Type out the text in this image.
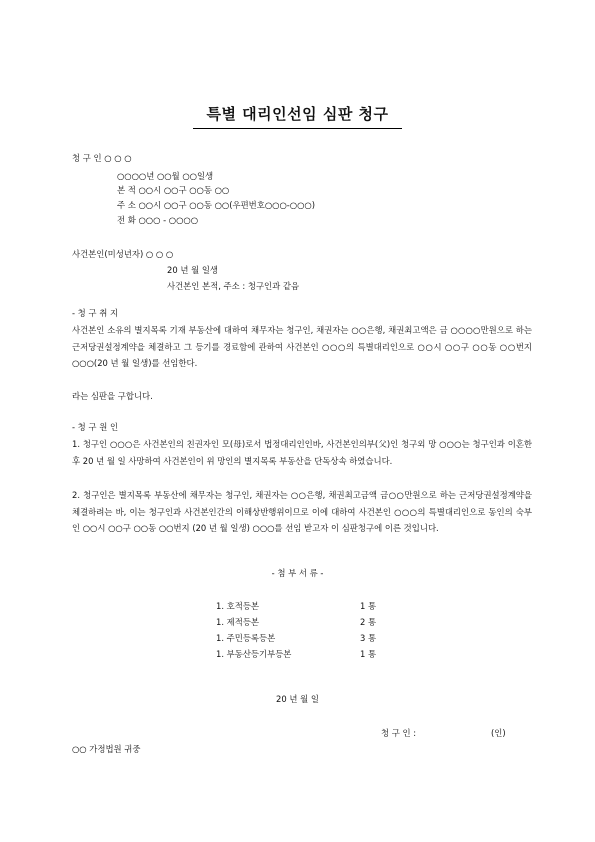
특별 대리인선임 심판 청구
청 구 인 ○ ○ ○
○○○○년 ○○월 ○○일생
본 적 ○○시 ○○구 ○○동 ○○
주 소 ○○시 ○○구 ○○동 ○○(우편번호○○○-○○○)
전 화 ○○○ - ○○○○
사건본인(미성년자) ○ ○ ○
20 년 월 일생
사건본인 본적, 주소 : 청구인과 같음
- 청 구 취 지
사건본인 소유의 별지목록 기재 부동산에 대하여 채무자는 청구인, 채권자는 ○○은행, 채권최고액은 금 ○○○○만원으로 하는 근저당권설정계약을 체결하고 그 등기를 경료함에 관하여 사건본인 ○○○의 특별대리인으로 ○○시 ○○구 ○○동 ○○번지 ○○○(20 년 월 일생)를 선임한다.
라는 심판을 구합니다.
- 청 구 원 인
1. 청구인 ○○○은 사건본인의 친권자인 모(母)로서 법정대리인인바, 사건본인의부(父)인 청구외 망 ○○○는 청구인과 이혼한 후 20 년 월 일 사망하여 사건본인이 위 망인의 별지목록 부동산을 단독상속 하였습니다.
2. 청구인은 별지목록 부동산에 채무자는 청구인, 채권자는 ○○은행, 채권최고금액 금○○만원으로 하는 근저당권설정계약을 체결하려는 바, 이는 청구인과 사건본인간의 이해상반행위이므로 이에 대하여 사건본인 ○○○의 특별대리인으로 동인의 숙부인 ○○시 ○○구 ○○동 ○○번지 (20 년 월 일생) ○○○를 선임 받고자 이 심판청구에 이른 것입니다.
- 첨 부 서 류 -
1. 호적등본	1 통
1. 제적등본	2 통
1. 주민등록등본	3 통
1. 부동산등기부등본	1 통
20 년 월 일
청 구 인 :	(인)
○○ 가정법원 귀중
